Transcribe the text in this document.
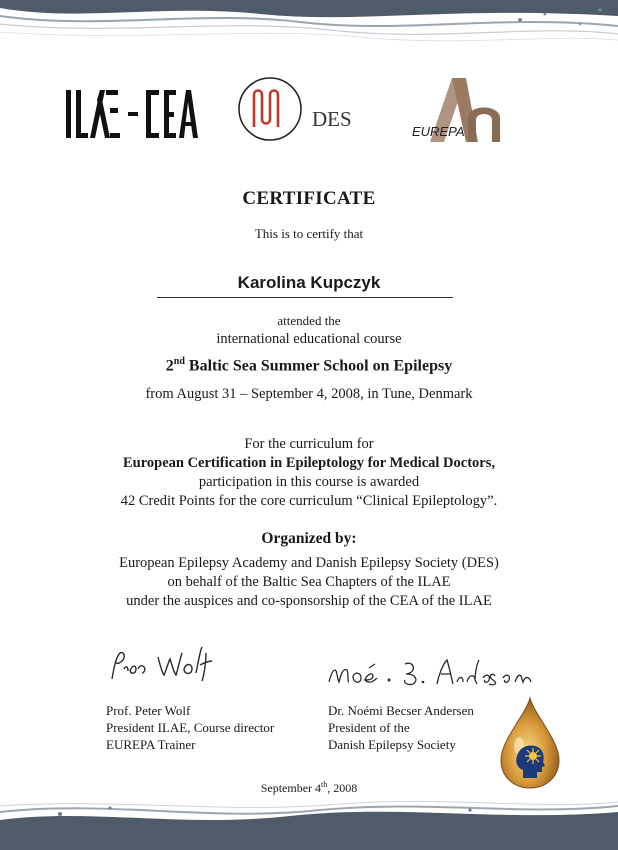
DES
EUREPA
CERTIFICATE
This is to certify that
Karolina Kupczyk
attended the
international educational course
2nd Baltic Sea Summer School on Epilepsy
from August 31 – September 4, 2008, in Tune, Denmark
For the curriculum for
European Certification in Epileptology for Medical Doctors,
participation in this course is awarded
42 Credit Points for the core curriculum “Clinical Epileptology”.
Organized by:
European Epilepsy Academy and Danish Epilepsy Society (DES)
on behalf of the Baltic Sea Chapters of the ILAE
under the auspices and co-sponsorship of the CEA of the ILAE
Prof. Peter Wolf
President ILAE, Course director
EUREPA Trainer
Dr. Noémi Becser Andersen
President of the
Danish Epilepsy Society
September 4th, 2008
